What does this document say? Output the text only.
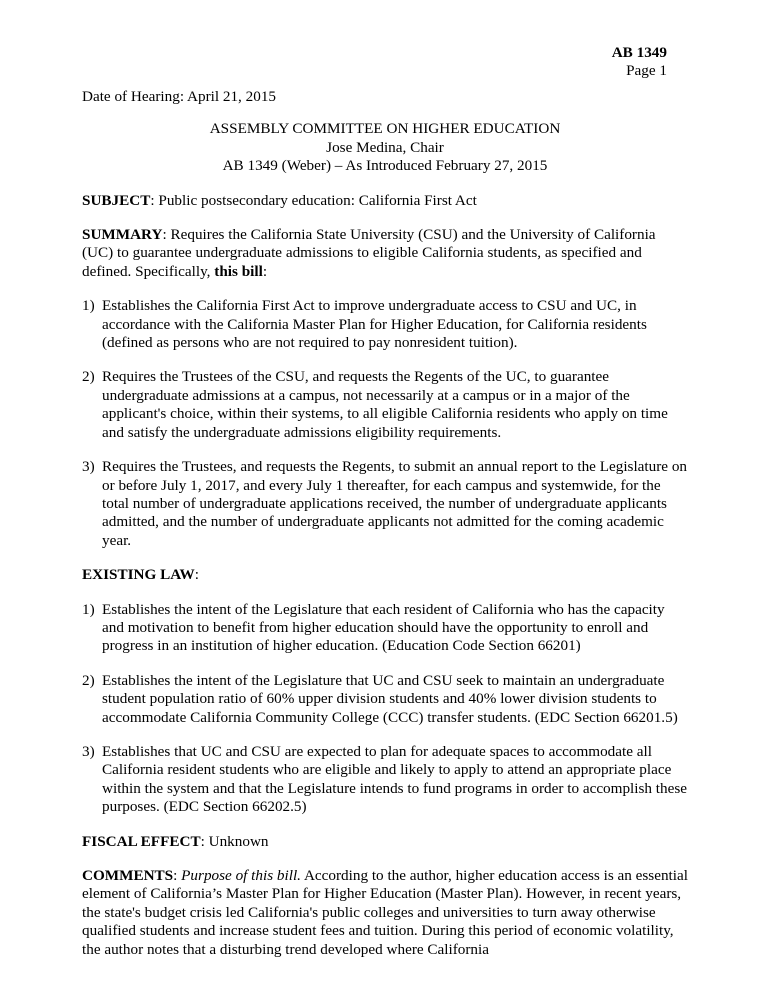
AB 1349
Page 1
Date of Hearing: April 21, 2015
ASSEMBLY COMMITTEE ON HIGHER EDUCATION
Jose Medina, Chair
AB 1349 (Weber) – As Introduced February 27, 2015

SUBJECT: Public postsecondary education: California First Act

SUMMARY: Requires the California State University (CSU) and the University of California (UC) to guarantee undergraduate admissions to eligible California students, as specified and defined. Specifically, this bill:

1) Establishes the California First Act to improve undergraduate access to CSU and UC, in accordance with the California Master Plan for Higher Education, for California residents (defined as persons who are not required to pay nonresident tuition).
2) Requires the Trustees of the CSU, and requests the Regents of the UC, to guarantee undergraduate admissions at a campus, not necessarily at a campus or in a major of the applicant's choice, within their systems, to all eligible California residents who apply on time and satisfy the undergraduate admissions eligibility requirements.
3) Requires the Trustees, and requests the Regents, to submit an annual report to the Legislature on or before July 1, 2017, and every July 1 thereafter, for each campus and systemwide, for the total number of undergraduate applications received, the number of undergraduate applicants admitted, and the number of undergraduate applicants not admitted for the coming academic year.
EXISTING LAW:
1) Establishes the intent of the Legislature that each resident of California who has the capacity and motivation to benefit from higher education should have the opportunity to enroll and progress in an institution of higher education. (Education Code Section 66201)
2) Establishes the intent of the Legislature that UC and CSU seek to maintain an undergraduate student population ratio of 60% upper division students and 40% lower division students to accommodate California Community College (CCC) transfer students. (EDC Section 66201.5)
3) Establishes that UC and CSU are expected to plan for adequate spaces to accommodate all California resident students who are eligible and likely to apply to attend an appropriate place within the system and that the Legislature intends to fund programs in order to accomplish these purposes. (EDC Section 66202.5)

FISCAL EFFECT: Unknown

COMMENTS: Purpose of this bill. According to the author, higher education access is an essential element of California’s Master Plan for Higher Education (Master Plan). However, in recent years, the state's budget crisis led California's public colleges and universities to turn away otherwise qualified students and increase student fees and tuition. During this period of economic volatility, the author notes that a disturbing trend developed where California
